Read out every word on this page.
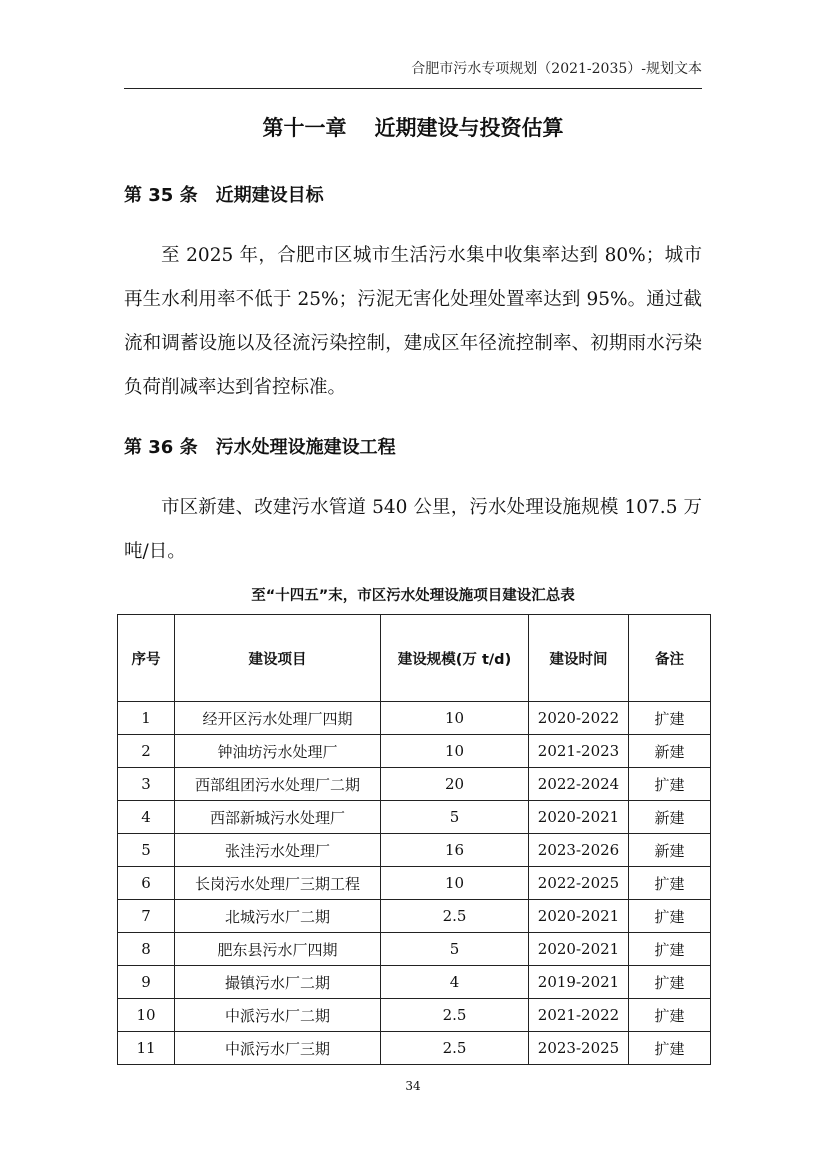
合肥市污水专项规划（2021-2035）-规划文本
第十一章 近期建设与投资估算
第 35 条 近期建设目标

至 2025 年，合肥市区城市生活污水集中收集率达到 80%；城市再生水利用率不低于 25%；污泥无害化处理处置率达到 95%。通过截流和调蓄设施以及径流污染控制，建成区年径流控制率、初期雨水污染负荷削减率达到省控标准。

第 36 条 污水处理设施建设工程

市区新建、改建污水管道 540 公里，污水处理设施规模 107.5 万吨/日。

至“十四五”末，市区污水处理设施项目建设汇总表
序号	建设项目	建设规模(万 t/d)	建设时间	备注
1	经开区污水处理厂四期	10	2020-2022	扩建
2	钟油坊污水处理厂	10	2021-2023	新建
3	西部组团污水处理厂二期	20	2022-2024	扩建
4	西部新城污水处理厂	5	2020-2021	新建
5	张洼污水处理厂	16	2023-2026	新建
6	长岗污水处理厂三期工程	10	2022-2025	扩建
7	北城污水厂二期	2.5	2020-2021	扩建
8	肥东县污水厂四期	5	2020-2021	扩建
9	撮镇污水厂二期	4	2019-2021	扩建
10	中派污水厂二期	2.5	2021-2022	扩建
11	中派污水厂三期	2.5	2023-2025	扩建
34
